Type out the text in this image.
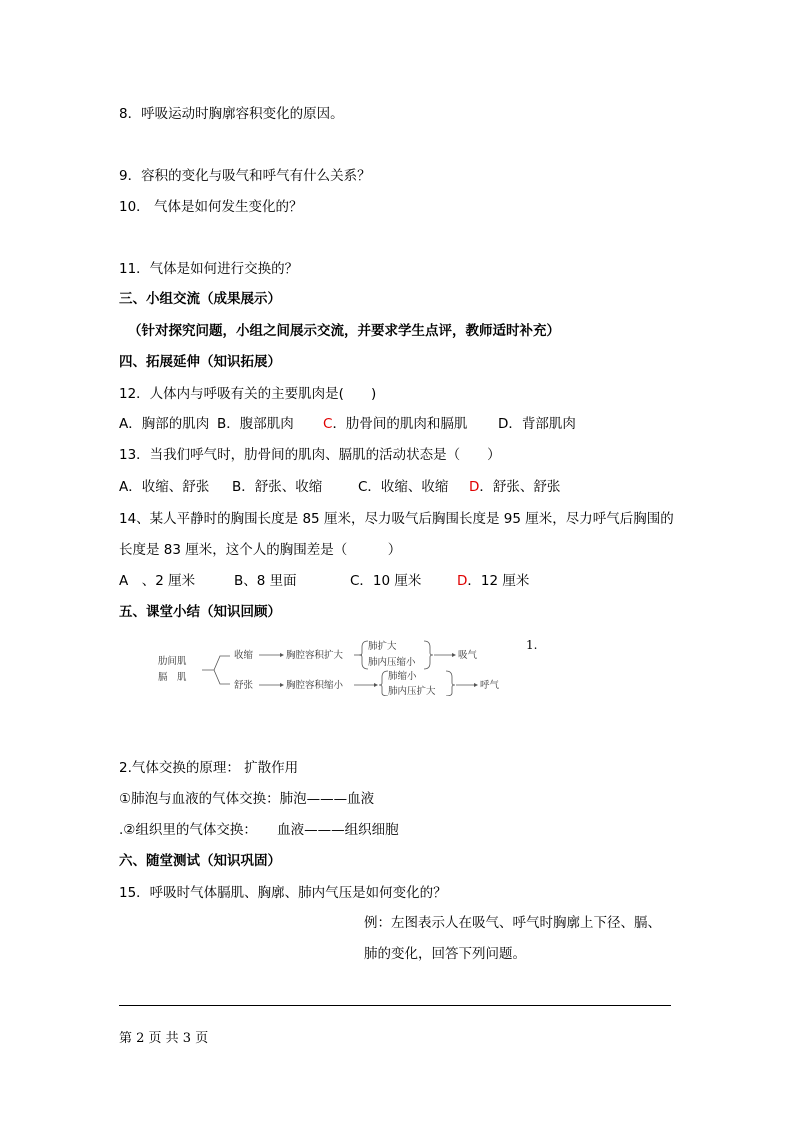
8．呼吸运动时胸廓容积变化的原因。
9．容积的变化与吸气和呼气有什么关系？
10． 气体是如何发生变化的？
11．气体是如何进行交换的？
三、小组交流（成果展示）
（针对探究问题，小组之间展示交流，并要求学生点评，教师适时补充）
四、拓展延伸（知识拓展）
12．人体内与呼吸有关的主要肌肉是(　　)
A．胸部的肌肉 B．腹部肌肉 C．肋骨间的肌肉和膈肌 D．背部肌肉
13．当我们呼气时，肋骨间的肌肉、膈肌的活动状态是（　　）
A．收缩、舒张 B．舒张、收缩	C．收缩、收缩 D．舒张、舒张
14、某人平静时的胸围长度是 85 厘米，尽力吸气后胸围长度是 95 厘米，尽力呼气后胸围的
长度是 83 厘米，这个人的胸围差是（　　　）
A　、2 厘米	B、8 里面	C．10 厘米	D．12 厘米
五、课堂小结（知识回顾）
肋间肌
膈　肌
收缩	胸腔容积扩大
肺扩大
肺内压缩小
吸气
舒张	胸腔容积缩小
肺缩小
肺内压扩大
呼气
1.
2.气体交换的原理： 扩散作用
①肺泡与血液的气体交换：肺泡———血液
.②组织里的气体交换：　　血液———组织细胞
六、随堂测试（知识巩固）
15．呼吸时气体膈肌、胸廓、肺内气压是如何变化的？
例：左图表示人在吸气、呼气时胸廓上下径、膈、
肺的变化，回答下列问题。
第 2 页 共 3 页
